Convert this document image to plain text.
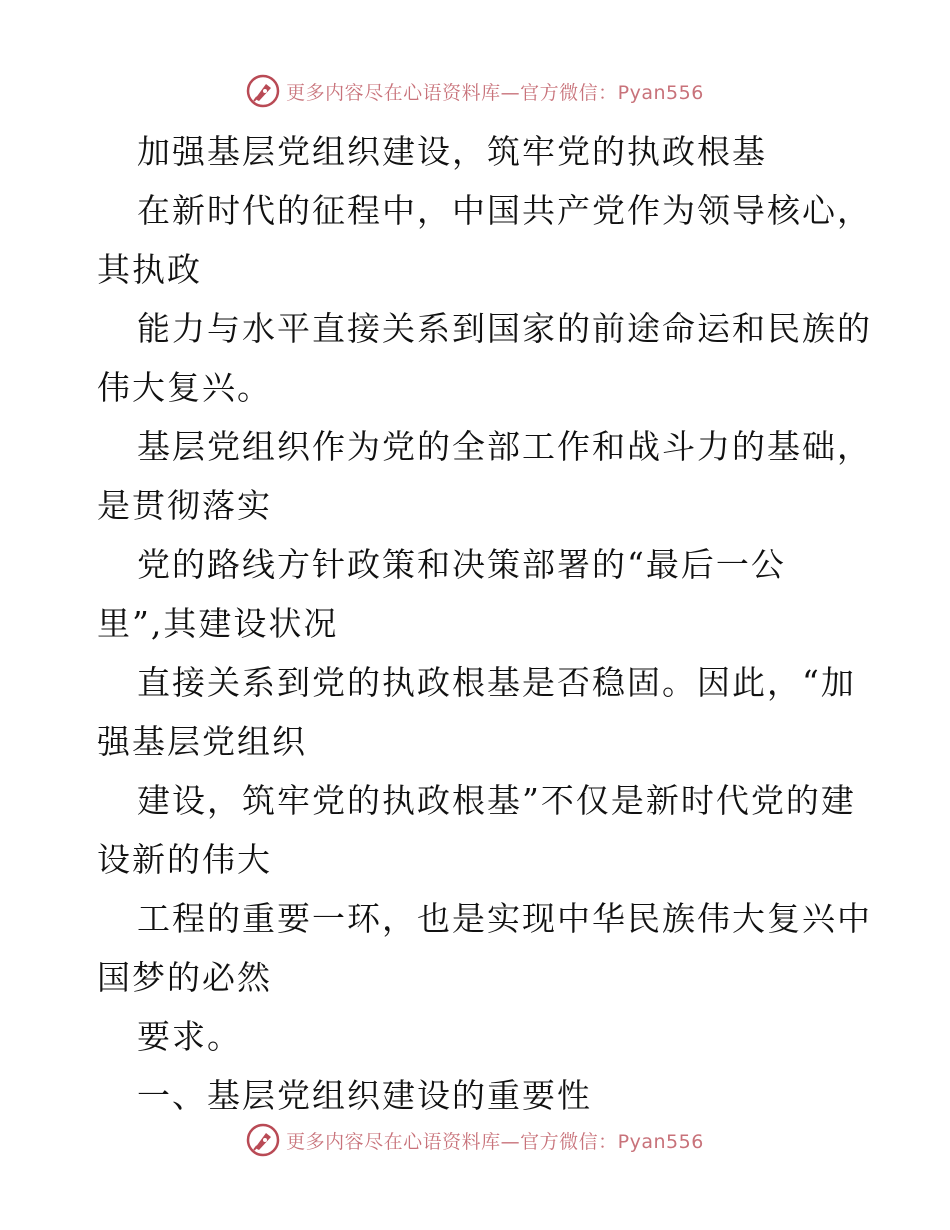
更多内容尽在心语资料库—官方微信：Pyan556
加强基层党组织建设，筑牢党的执政根基
在新时代的征程中，中国共产党作为领导核心，
其执政
能力与水平直接关系到国家的前途命运和民族的
伟大复兴。
基层党组织作为党的全部工作和战斗力的基础，
是贯彻落实
党的路线方针政策和决策部署的“最后一公
里”,其建设状况
直接关系到党的执政根基是否稳固。因此，“加
强基层党组织
建设，筑牢党的执政根基”不仅是新时代党的建
设新的伟大
工程的重要一环，也是实现中华民族伟大复兴中
国梦的必然
要求。
一、基层党组织建设的重要性
更多内容尽在心语资料库—官方微信：Pyan556
